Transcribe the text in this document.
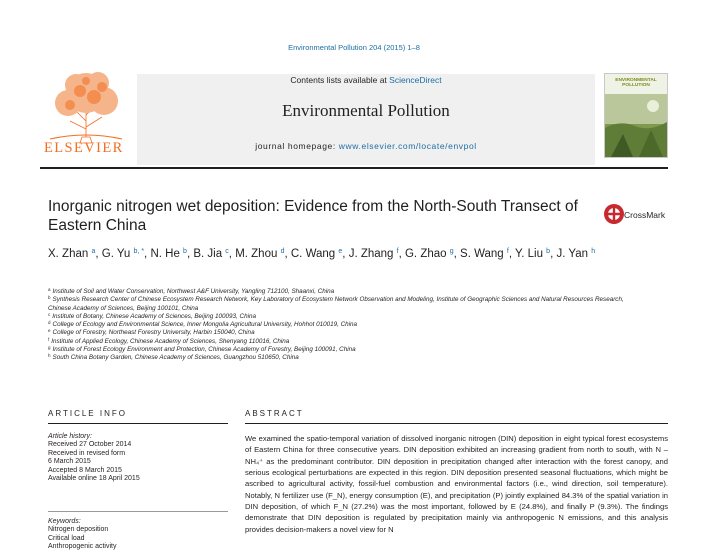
Environmental Pollution 204 (2015) 1–8
ELSEVIER
Contents lists available at ScienceDirect
Environmental Pollution
journal homepage: www.elsevier.com/locate/envpol
ENVIRONMENTAL
POLLUTION
Inorganic nitrogen wet deposition: Evidence from the North-South Transect of Eastern China
CrossMark
X. Zhan $^a$, G. Yu $^{b, *}$, N. He $^b$, B. Jia $^c$, M. Zhou $^d$, C. Wang $^e$, J. Zhang $^f$, G. Zhao $^g$, S. Wang $^f$, Y. Liu $^b$, J. Yan $^h$
$^a$ Institute of Soil and Water Conservation, Northwest A&F University, Yangling 712100, Shaanxi, China
$^b$ Synthesis Research Center of Chinese Ecosystem Research Network, Key Laboratory of Ecosystem Network Observation and Modeling, Institute of Geographic Sciences and Natural Resources Research, Chinese Academy of Sciences, Beijing 100101, China
$^c$ Institute of Botany, Chinese Academy of Sciences, Beijing 100093, China
$^d$ College of Ecology and Environmental Science, Inner Mongolia Agricultural University, Hohhot 010019, China
$^e$ College of Forestry, Northeast Forestry University, Harbin 150040, China
$^f$ Institute of Applied Ecology, Chinese Academy of Sciences, Shenyang 110016, China
$^g$ Institute of Forest Ecology Environment and Protection, Chinese Academy of Forestry, Beijing 100091, China
$^h$ South China Botany Garden, Chinese Academy of Sciences, Guangzhou 510650, China
ARTICLE INFO
Article history:
Received 27 October 2014
Received in revised form
6 March 2015
Accepted 8 March 2015
Available online 18 April 2015
Keywords:
Nitrogen deposition
Critical load
Anthropogenic activity
ABSTRACT

We examined the spatio-temporal variation of dissolved inorganic nitrogen (DIN) deposition in eight typical forest ecosystems of Eastern China for three consecutive years. DIN deposition exhibited an increasing gradient from north to south, with N – NH₄⁺ as the predominant contributor. DIN deposition in precipitation changed after interaction with the forest canopy, and serious ecological perturbations are expected in this region. DIN deposition presented seasonal fluctuations, which might be ascribed to agricultural activity, fossil-fuel combustion and environmental factors (i.e., wind direction, soil temperature). Notably, N fertilizer use (F_N), energy consumption (E), and precipitation (P) jointly explained 84.3% of the spatial variation in DIN deposition, of which F_N (27.2%) was the most important, followed by E (24.8%), and finally P (9.3%). The findings demonstrate that DIN deposition is regulated by precipitation mainly via anthropogenic N emissions, and this analysis provides decision-makers a novel view for N
